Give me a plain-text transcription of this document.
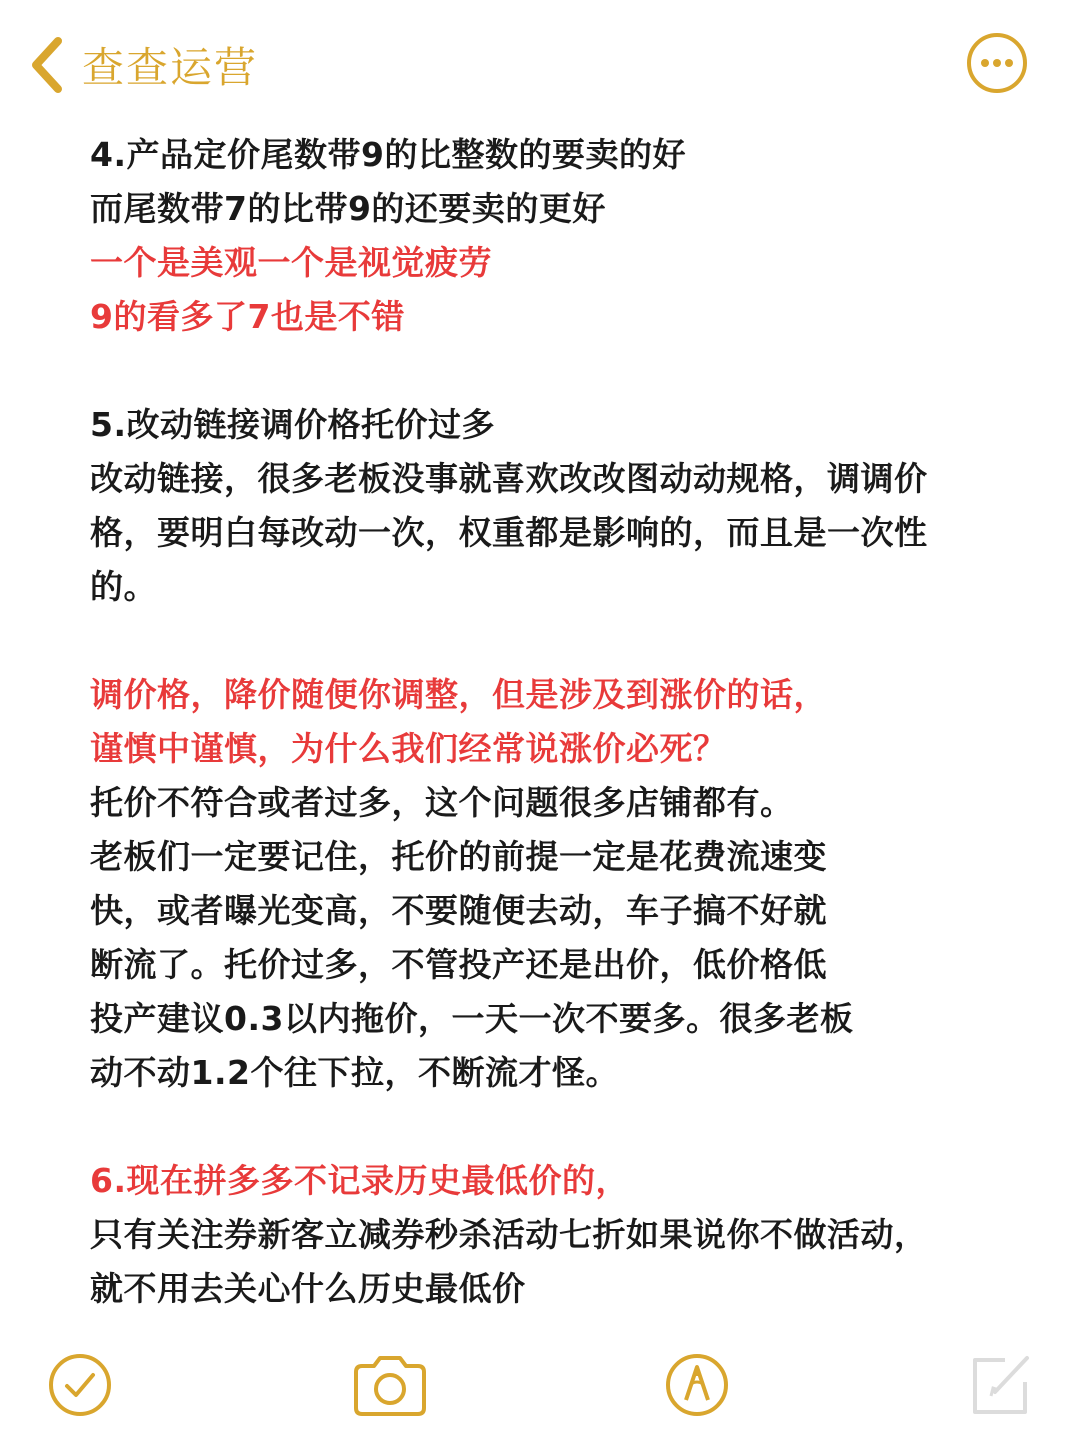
查查运营
4.产品定价尾数带9的比整数的要卖的好
而尾数带7的比带9的还要卖的更好
一个是美观一个是视觉疲劳
9的看多了7也是不错
5.改动链接调价格托价过多
改动链接，很多老板没事就喜欢改改图动动规格，调调价
格，要明白每改动一次，权重都是影响的，而且是一次性
的。
调价格，降价随便你调整，但是涉及到涨价的话，
谨慎中谨慎，为什么我们经常说涨价必死？
托价不符合或者过多，这个问题很多店铺都有。
老板们一定要记住，托价的前提一定是花费流速变
快，或者曝光变高，不要随便去动，车子搞不好就
断流了。托价过多，不管投产还是出价，低价格低
投产建议0.3以内拖价，一天一次不要多。很多老板
动不动1.2个往下拉，不断流才怪。
6.现在拼多多不记录历史最低价的，
只有关注券新客立减券秒杀活动七折如果说你不做活动，
就不用去关心什么历史最低价
